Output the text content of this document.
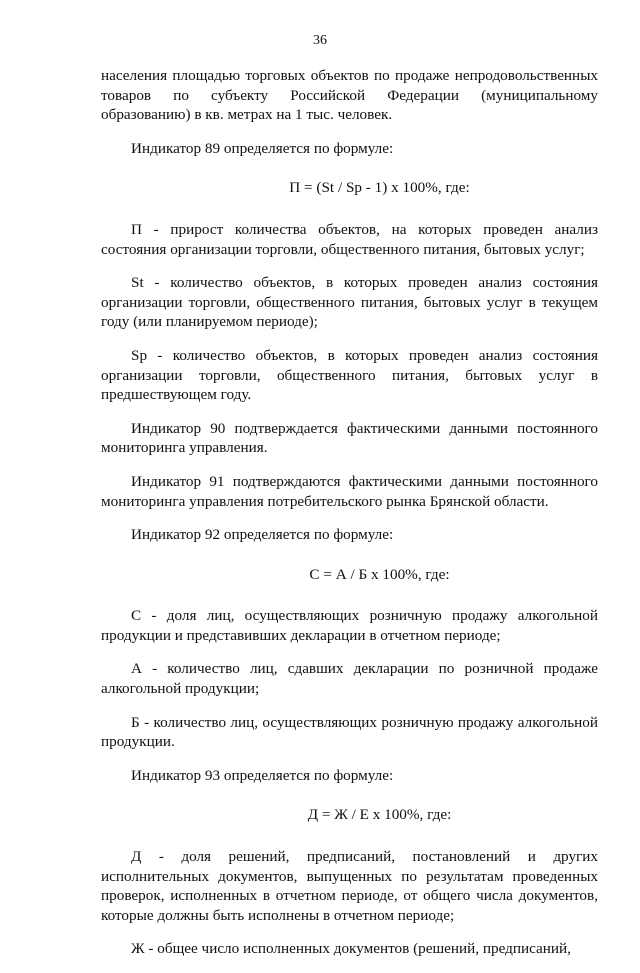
36

населения площадью торговых объектов по продаже непродовольственных товаров по субъекту Российской Федерации (муниципальному образованию) в кв. метрах на 1 тыс. человек.

Индикатор 89 определяется по формуле:

П = (St / Sp - 1) х 100%, где:

П - прирост количества объектов, на которых проведен анализ состояния организации торговли, общественного питания, бытовых услуг;

St - количество объектов, в которых проведен анализ состояния организации торговли, общественного питания, бытовых услуг в текущем году (или планируемом периоде);

Sp - количество объектов, в которых проведен анализ состояния организации торговли, общественного питания, бытовых услуг в предшествующем году.

Индикатор 90 подтверждается фактическими данными постоянного мониторинга управления.

Индикатор 91 подтверждаются фактическими данными постоянного мониторинга управления потребительского рынка Брянской области.

Индикатор 92 определяется по формуле:

С = А / Б х 100%, где:

С - доля лиц, осуществляющих розничную продажу алкогольной продукции и представивших декларации в отчетном периоде;

А - количество лиц, сдавших декларации по розничной продаже алкогольной продукции;

Б - количество лиц, осуществляющих розничную продажу алкогольной продукции.

Индикатор 93 определяется по формуле:

Д = Ж / Е х 100%, где:

Д - доля решений, предписаний, постановлений и других исполнительных документов, выпущенных по результатам проведенных проверок, исполненных в отчетном периоде, от общего числа документов, которые должны быть исполнены в отчетном периоде;

Ж - общее число исполненных документов (решений, предписаний,
